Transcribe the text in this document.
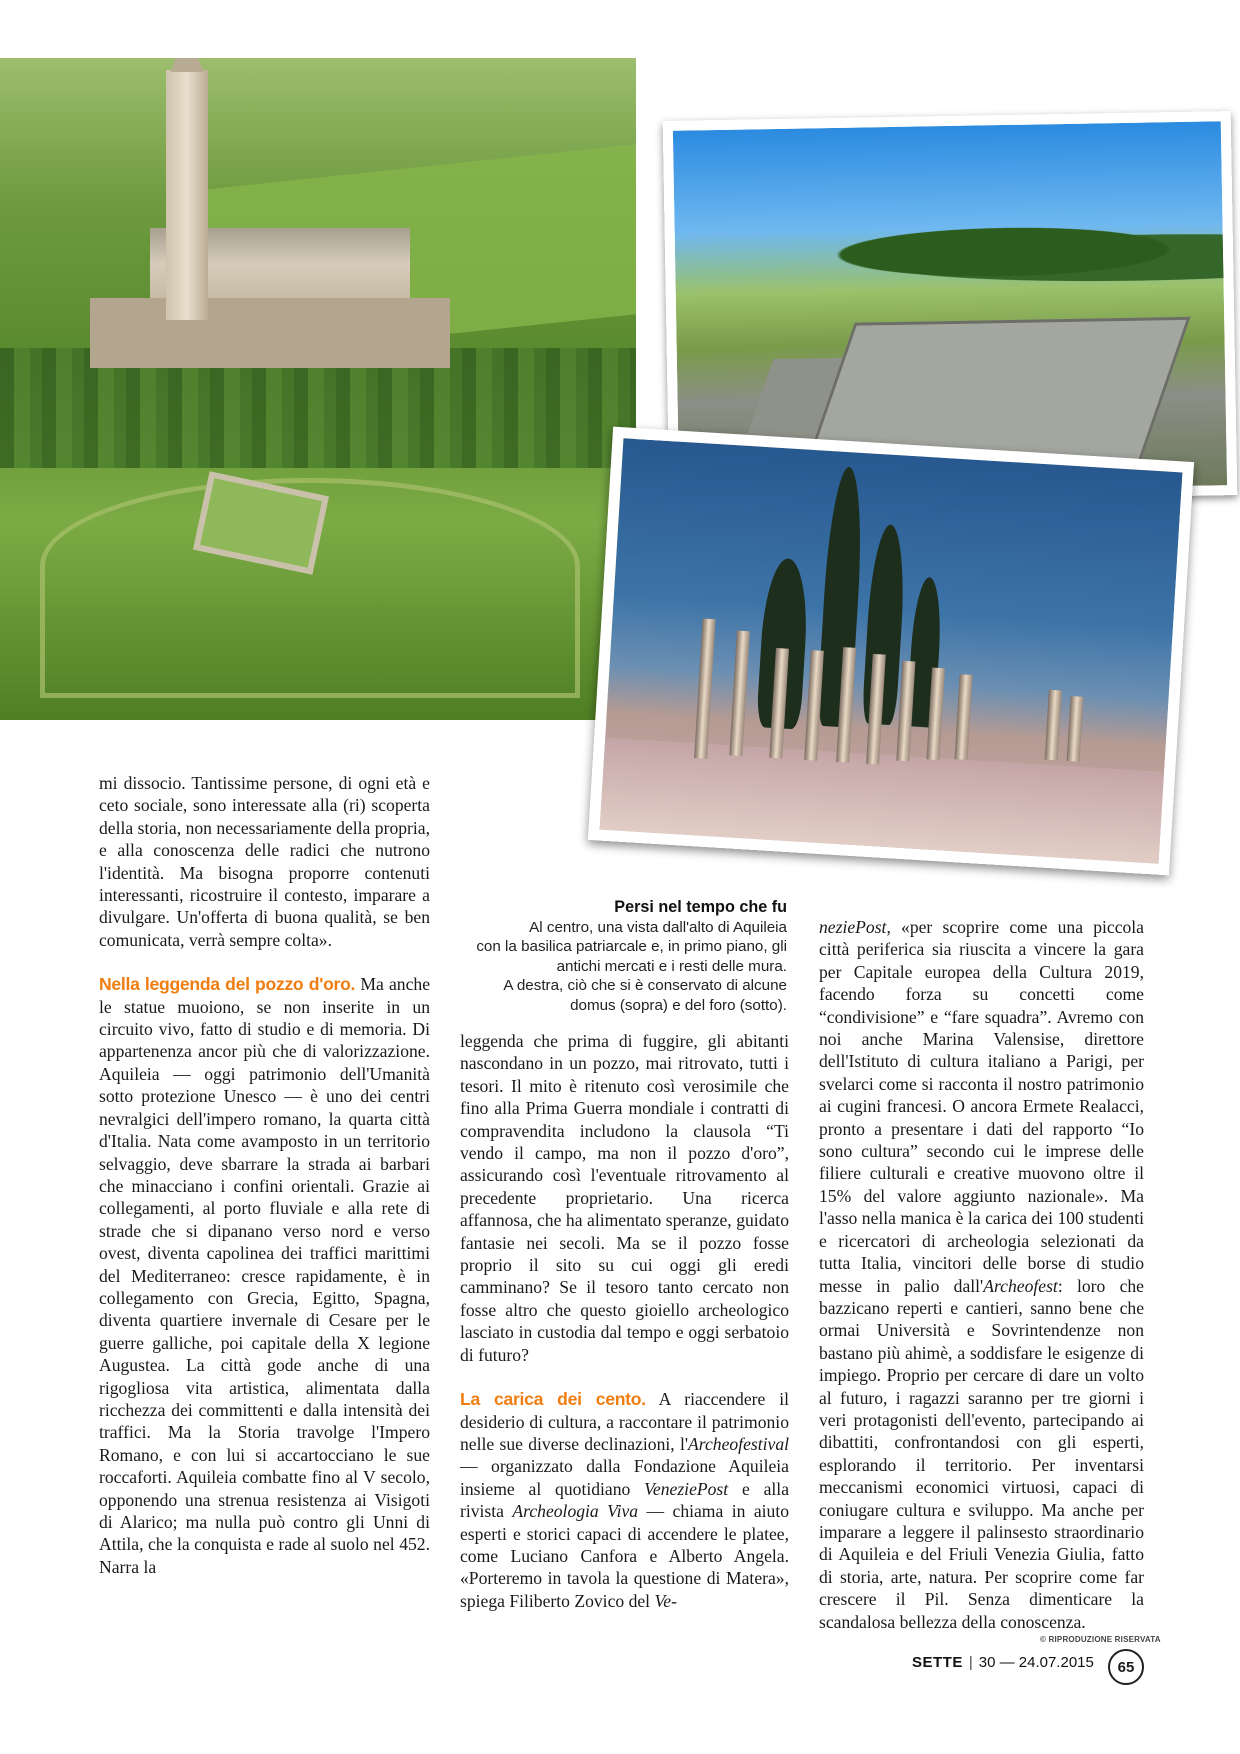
Persi nel tempo che fu
Al centro, una vista dall'alto di Aquileia
con la basilica patriarcale e, in primo piano, gli
antichi mercati e i resti delle mura.
A destra, ciò che si è conservato di alcune
domus (sopra) e del foro (sotto).

mi dissocio. Tantissime persone, di ogni età e ceto sociale, sono interessate alla (ri) scoperta della storia, non necessariamente della propria, e alla conoscenza delle radici che nutrono l'identità. Ma bisogna proporre contenuti interessanti, ricostruire il contesto, imparare a divulgare. Un'offerta di buona qualità, se ben comunicata, verrà sempre colta».

Nella leggenda del pozzo d'oro. Ma anche le statue muoiono, se non inserite in un circuito vivo, fatto di studio e di memoria. Di appartenenza ancor più che di valorizzazione. Aquileia — oggi patrimonio dell'Umanità sotto protezione Unesco — è uno dei centri nevralgici dell'impero romano, la quarta città d'Italia. Nata come avamposto in un territorio selvaggio, deve sbarrare la strada ai barbari che minacciano i confini orientali. Grazie ai collegamenti, al porto fluviale e alla rete di strade che si dipanano verso nord e verso ovest, diventa capolinea dei traffici marittimi del Mediterraneo: cresce rapidamente, è in collegamento con Grecia, Egitto, Spagna, diventa quartiere invernale di Cesare per le guerre galliche, poi capitale della X legione Augustea. La città gode anche di una rigogliosa vita artistica, alimentata dalla ricchezza dei committenti e dalla intensità dei traffici. Ma la Storia travolge l'Impero Romano, e con lui si accartocciano le sue roccaforti. Aquileia combatte fino al V secolo, opponendo una strenua resistenza ai Visigoti di Alarico; ma nulla può contro gli Unni di Attila, che la conquista e rade al suolo nel 452. Narra la

leggenda che prima di fuggire, gli abitanti nascondano in un pozzo, mai ritrovato, tutti i tesori. Il mito è ritenuto così verosimile che fino alla Prima Guerra mondiale i contratti di compravendita includono la clausola “Ti vendo il campo, ma non il pozzo d'oro”, assicurando così l'eventuale ritrovamento al precedente proprietario. Una ricerca affannosa, che ha alimentato speranze, guidato fantasie nei secoli. Ma se il pozzo fosse proprio il sito su cui oggi gli eredi camminano? Se il tesoro tanto cercato non fosse altro che questo gioiello archeologico lasciato in custodia dal tempo e oggi serbatoio di futuro?

La carica dei cento. A riaccendere il desiderio di cultura, a raccontare il patrimonio nelle sue diverse declinazioni, l'Archeofestival — organizzato dalla Fondazione Aquileia insieme al quotidiano VeneziePost e alla rivista Archeologia Viva — chiama in aiuto esperti e storici capaci di accendere le platee, come Luciano Canfora e Alberto Angela. «Porteremo in tavola la questione di Matera», spiega Filiberto Zovico del Ve-

neziePost, «per scoprire come una piccola città periferica sia riuscita a vincere la gara per Capitale europea della Cultura 2019, facendo forza su concetti come “condivisione” e “fare squadra”. Avremo con noi anche Marina Valensise, direttore dell'Istituto di cultura italiano a Parigi, per svelarci come si racconta il nostro patrimonio ai cugini francesi. O ancora Ermete Realacci, pronto a presentare i dati del rapporto “Io sono cultura” secondo cui le imprese delle filiere culturali e creative muovono oltre il 15% del valore aggiunto nazionale». Ma l'asso nella manica è la carica dei 100 studenti e ricercatori di archeologia selezionati da tutta Italia, vincitori delle borse di studio messe in palio dall'Archeofest: loro che bazzicano reperti e cantieri, sanno bene che ormai Università e Sovrintendenze non bastano più ahimè, a soddisfare le esigenze di impiego. Proprio per cercare di dare un volto al futuro, i ragazzi saranno per tre giorni i veri protagonisti dell'evento, partecipando ai dibattiti, confrontandosi con gli esperti, esplorando il territorio. Per inventarsi meccanismi economici virtuosi, capaci di coniugare cultura e sviluppo. Ma anche per imparare a leggere il palinsesto straordinario di Aquileia e del Friuli Venezia Giulia, fatto di storia, arte, natura. Per scoprire come far crescere il Pil. Senza dimenticare la scandalosa bellezza della conoscenza.

© RIPRODUZIONE RISERVATA
SETTE | 30 — 24.07.2015	65
